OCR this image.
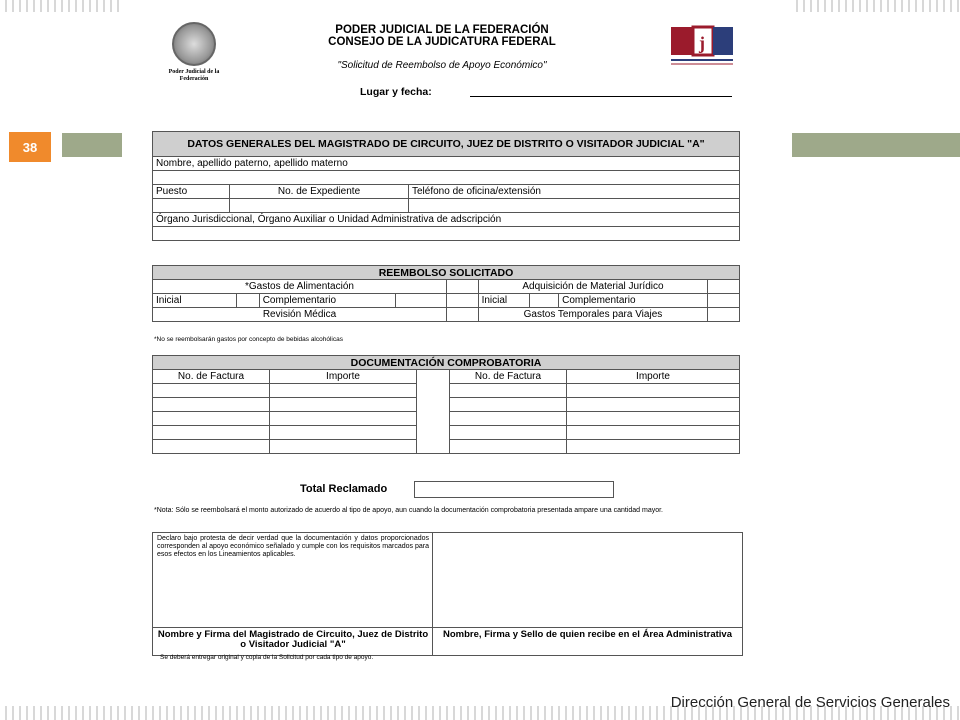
38
Poder Judicial de la Federación
PODER JUDICIAL DE LA FEDERACIÓN
CONSEJO DE LA JUDICATURA FEDERAL
"Solicitud de Reembolso de Apoyo Económico"
j
Lugar y fecha:
DATOS GENERALES DEL MAGISTRADO DE CIRCUITO, JUEZ DE DISTRITO O VISITADOR JUDICIAL "A"		
Nombre, apellido paterno, apellido materno		

Puesto	No. de Expediente	Teléfono de oficina/extensión

Órgano Jurisdiccional, Órgano Auxiliar o Unidad Administrativa de adscripción		

REEMBOLSO SOLICITADO								
*Gastos de Alimentación					Adquisición de Material Jurídico			
Inicial		Complementario			Inicial		Complementario	
Revisión Médica					Gastos Temporales para Viajes			
*No se reembolsarán gastos por concepto de bebidas alcohólicas
DOCUMENTACIÓN COMPROBATORIA				
No. de Factura	Importe		No. de Factura	Importe

Total Reclamado
*Nota: Sólo se reembolsará el monto autorizado de acuerdo al tipo de apoyo, aun cuando la documentación comprobatoria presentada ampare una cantidad mayor.
Declaro bajo protesta de decir verdad que la documentación y datos proporcionados corresponden al apoyo económico señalado y cumple con los requisitos marcados para esos efectos en los Lineamientos aplicables.
Nombre y Firma del Magistrado de Circuito, Juez de Distrito o Visitador Judicial "A"
Nombre, Firma y Sello de quien recibe en el Área Administrativa
Se deberá entregar original y copia de la Solicitud por cada tipo de apoyo.
Dirección General de Servicios Generales
